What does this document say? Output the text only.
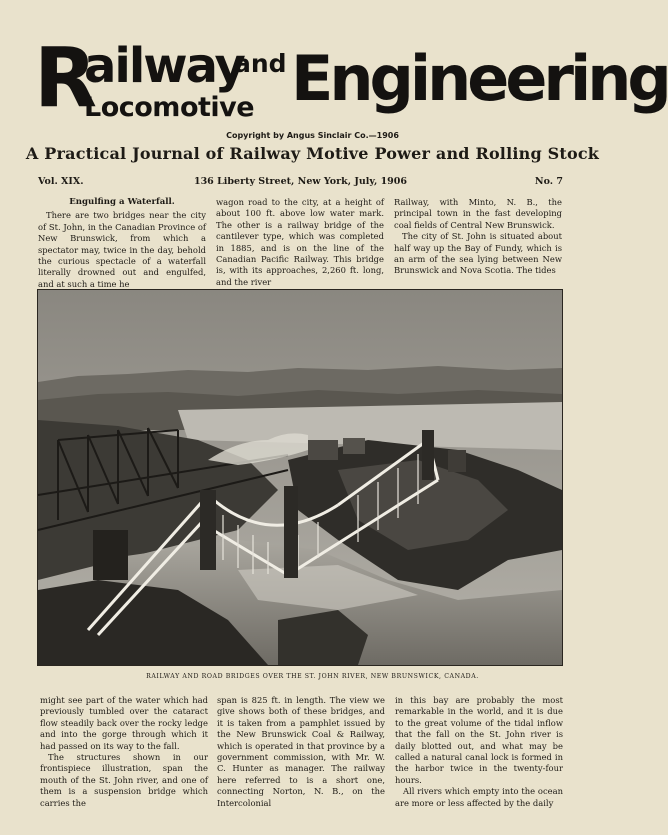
R
ailway
and
Locomotive Engineering
Copyright by Angus Sinclair Co.—1906
A Practical Journal of Railway Motive Power and Rolling Stock
Vol. XIX.	136 Liberty Street, New York, July, 1906	No. 7
Engulfing a Waterfall.

There are two bridges near the city of St. John, in the Canadian Province of New Brunswick, from which a spectator may, twice in the day, behold the curious spectacle of a waterfall literally drowned out and engulfed, and at such a time he

wagon road to the city, at a height of about 100 ft. above low water mark. The other is a railway bridge of the cantilever type, which was completed in 1885, and is on the line of the Canadian Pacific Railway. This bridge is, with its approaches, 2,260 ft. long, and the river

Railway, with Minto, N. B., the principal town in the fast developing coal fields of Central New Brunswick.

The city of St. John is situated about half way up the Bay of Fundy, which is an arm of the sea lying between New Brunswick and Nova Scotia. The tides

RAILWAY AND ROAD BRIDGES OVER THE ST. JOHN RIVER, NEW BRUNSWICK, CANADA.

might see part of the water which had previously tumbled over the cataract flow steadily back over the rocky ledge and into the gorge through which it had passed on its way to the fall.

The structures shown in our frontispiece illustration, span the mouth of the St. John river, and one of them is a suspension bridge which carries the

span is 825 ft. in length. The view we give shows both of these bridges, and it is taken from a pamphlet issued by the New Brunswick Coal & Railway, which is operated in that province by a government commission, with Mr. W. C. Hunter as manager. The railway here referred to is a short one, connecting Norton, N. B., on the Intercolonial

in this bay are probably the most remarkable in the world, and it is due to the great volume of the tidal inflow that the fall on the St. John river is daily blotted out, and what may be called a natural canal lock is formed in the harbor twice in the twenty-four hours.

All rivers which empty into the ocean are more or less affected by the daily
